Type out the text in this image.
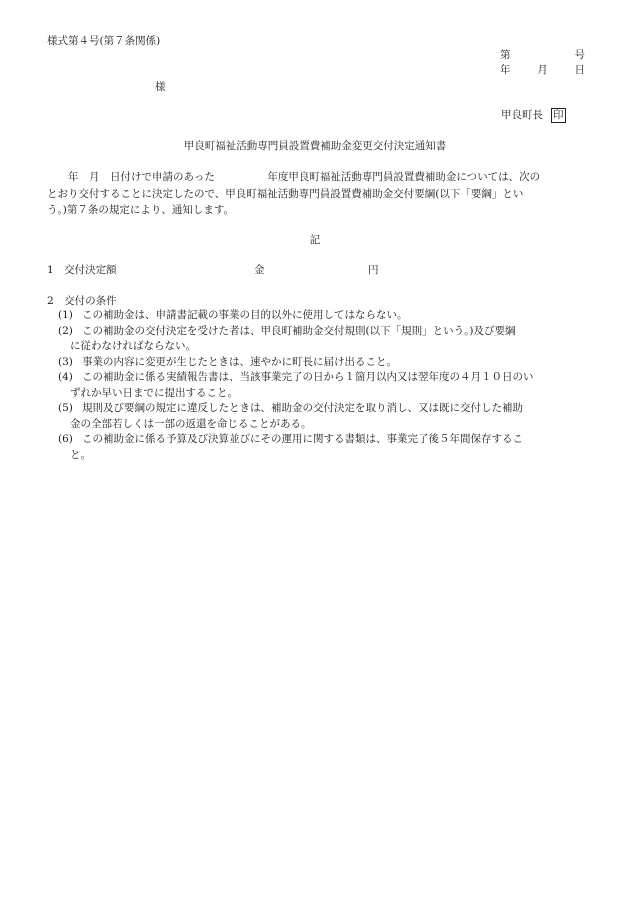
様式第４号(第７条関係)
第	号
年	月	日
様
甲良町長 印
甲良町福祉活動専門員設置費補助金変更交付決定通知書
年　月　日付けで申請のあった　　　　　年度甲良町福祉活動専門員設置費補助金については、次の
とおり交付することに決定したので、甲良町福祉活動専門員設置費補助金交付要綱(以下「要綱」とい
う。)第７条の規定により、通知します。
記
1　交付決定額	金	円
2　交付の条件
(1) この補助金は、申請書記載の事業の目的以外に使用してはならない。
(2) この補助金の交付決定を受けた者は、甲良町補助金交付規則(以下「規則」という。)及び要綱
に従わなければならない。
(3) 事業の内容に変更が生じたときは、速やかに町長に届け出ること。
(4) この補助金に係る実績報告書は、当該事業完了の日から１箇月以内又は翌年度の４月１０日のい
ずれか早い日までに提出すること。
(5) 規則及び要綱の規定に違反したときは、補助金の交付決定を取り消し、又は既に交付した補助
金の全部若しくは一部の返還を命じることがある。
(6) この補助金に係る予算及び決算並びにその運用に関する書類は、事業完了後５年間保存するこ
と。
